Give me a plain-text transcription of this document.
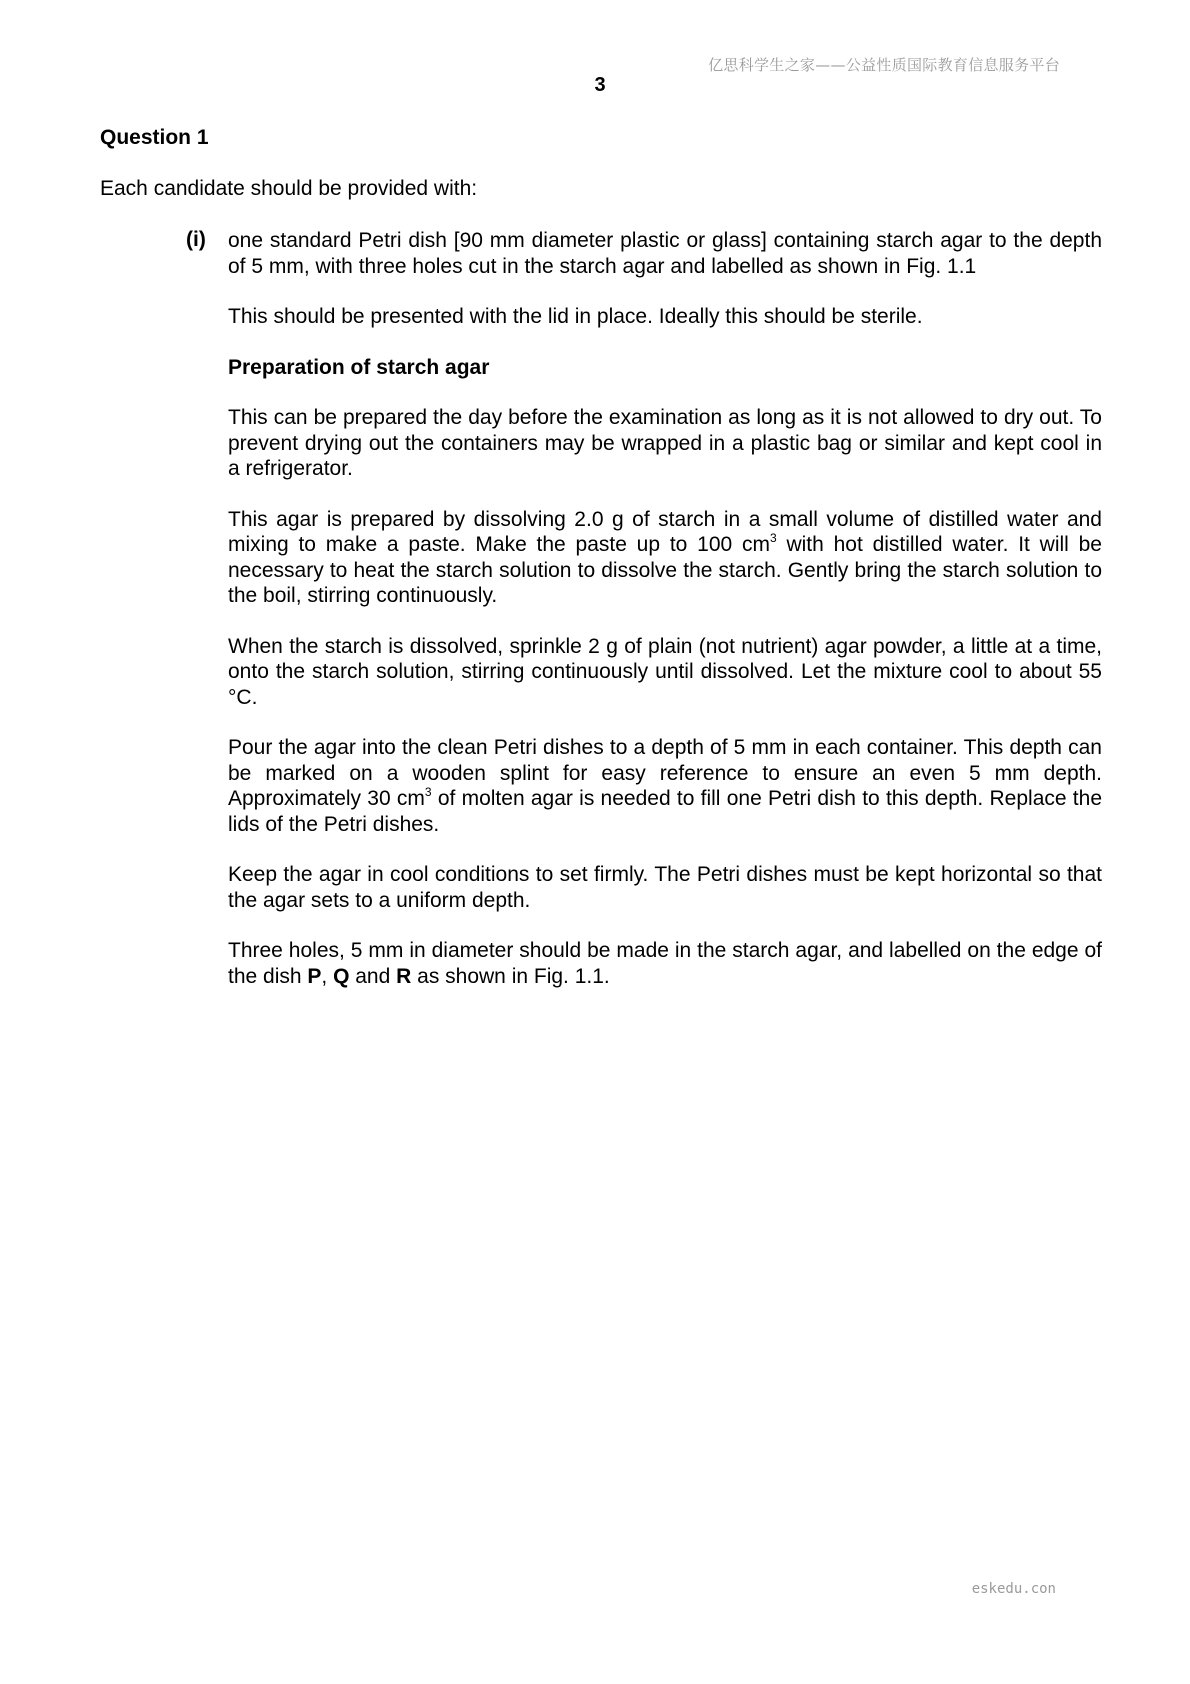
亿思科学生之家——公益性质国际教育信息服务平台
3
Question 1
Each candidate should be provided with:
(i) one standard Petri dish [90 mm diameter plastic or glass] containing starch agar to the depth of 5 mm, with three holes cut in the starch agar and labelled as shown in Fig. 1.1

This should be presented with the lid in place. Ideally this should be sterile.

Preparation of starch agar

This can be prepared the day before the examination as long as it is not allowed to dry out. To prevent drying out the containers may be wrapped in a plastic bag or similar and kept cool in a refrigerator.

This agar is prepared by dissolving 2.0 g of starch in a small volume of distilled water and mixing to make a paste. Make the paste up to 100 $cm^3$ with hot distilled water. It will be necessary to heat the starch solution to dissolve the starch. Gently bring the starch solution to the boil, stirring continuously.

When the starch is dissolved, sprinkle 2 g of plain (not nutrient) agar powder, a little at a time, onto the starch solution, stirring continuously until dissolved. Let the mixture cool to about 55 °C.

Pour the agar into the clean Petri dishes to a depth of 5 mm in each container. This depth can be marked on a wooden splint for easy reference to ensure an even 5 mm depth. Approximately 30 $cm^3$ of molten agar is needed to fill one Petri dish to this depth. Replace the lids of the Petri dishes.

Keep the agar in cool conditions to set firmly. The Petri dishes must be kept horizontal so that the agar sets to a uniform depth.

Three holes, 5 mm in diameter should be made in the starch agar, and labelled on the edge of the dish P, Q and R as shown in Fig. 1.1.

eskedu.con
